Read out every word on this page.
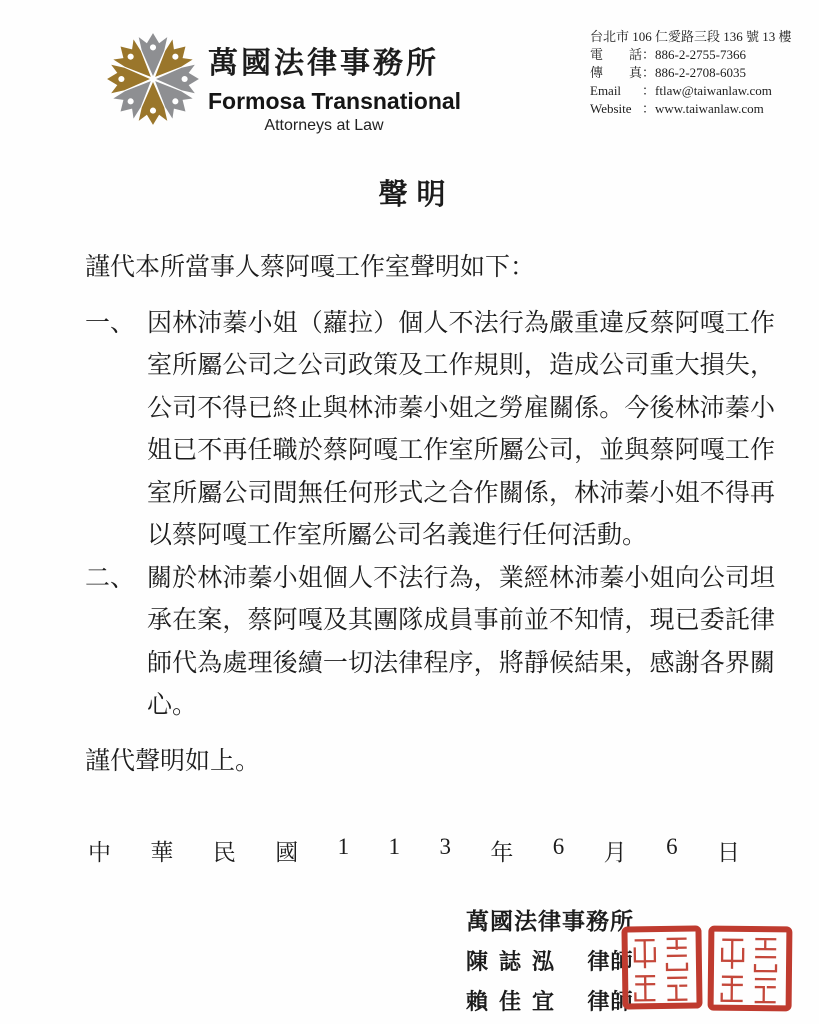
萬國法律事務所
Formosa Transnational
Attorneys at Law
台北市 106 仁愛路三段 136 號 13 樓
電話 ： 886-2-2755-7366
傳真 ： 886-2-2708-6035
Email	： ftlaw@taiwanlaw.com
Website ： www.taiwanlaw.com
聲明
謹代本所當事人蔡阿嘎工作室聲明如下：
一、 因林沛蓁小姐（蘿拉）個人不法行為嚴重違反蔡阿嘎工作室所屬公司之公司政策及工作規則，造成公司重大損失，公司不得已終止與林沛蓁小姐之勞雇關係。今後林沛蓁小姐已不再任職於蔡阿嘎工作室所屬公司，並與蔡阿嘎工作室所屬公司間無任何形式之合作關係，林沛蓁小姐不得再以蔡阿嘎工作室所屬公司名義進行任何活動。
二、 關於林沛蓁小姐個人不法行為，業經林沛蓁小姐向公司坦承在案，蔡阿嘎及其團隊成員事前並不知情，現已委託律師代為處理後續一切法律程序，將靜候結果，感謝各界關心。
謹代聲明如上。
中 華 民 國 1 1 3 年 6 月 6 日
萬國法律事務所
陳誌泓 律師
賴佳宜 律師
